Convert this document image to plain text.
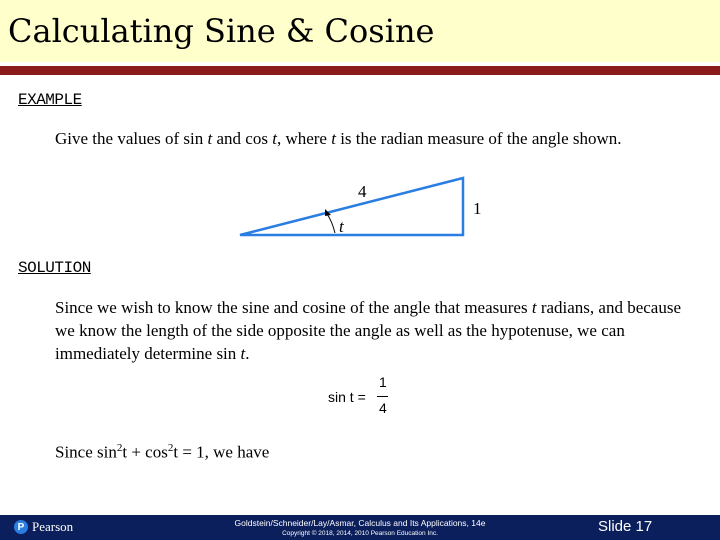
Calculating Sine & Cosine
EXAMPLE
Give the values of sin t and cos t, where t is the radian measure of the angle shown.
4
1
t
SOLUTION
Since we wish to know the sine and cosine of the angle that measures t radians, and because we know the length of the side opposite the angle as well as the hypotenuse, we can immediately determine sin t.
sin t =
1
4
Since $\sin^2t + \cos^2t = 1$, we have
P Pearson	Goldstein/Schneider/Lay/Asmar, Calculus and Its Applications, 14e
Copyright © 2018, 2014, 2010 Pearson Education Inc.	Slide 17
